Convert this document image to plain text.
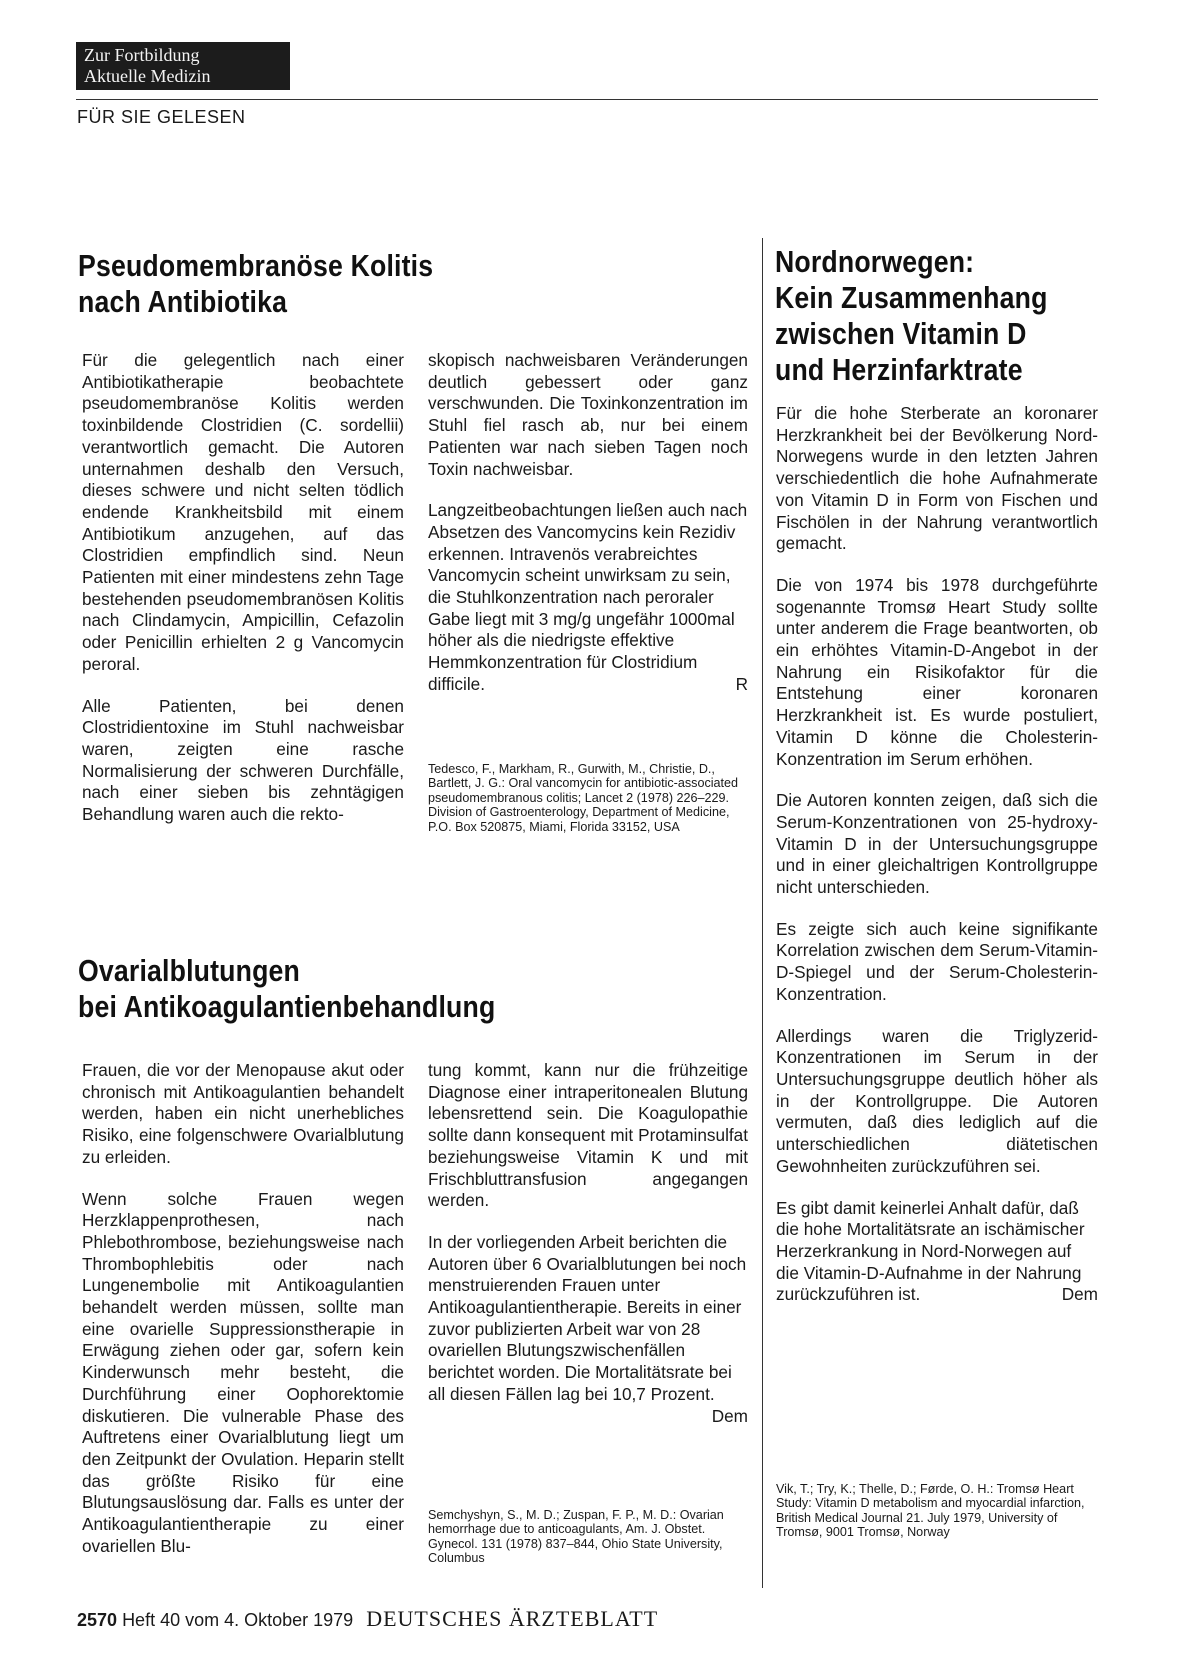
Zur Fortbildung
Aktuelle Medizin
FÜR SIE GELESEN
Pseudomembranöse Kolitis
nach Antibiotika

Für die gelegentlich nach einer Antibiotikatherapie beobachtete pseudomembranöse Kolitis werden toxinbildende Clostridien (C. sordellii) verantwortlich gemacht. Die Autoren unternahmen deshalb den Versuch, dieses schwere und nicht selten tödlich endende Krankheitsbild mit einem Antibiotikum anzugehen, auf das Clostridien empfindlich sind. Neun Patienten mit einer mindestens zehn Tage bestehenden pseudomembranösen Kolitis nach Clindamycin, Ampicillin, Cefazolin oder Penicillin erhielten 2 g Vancomycin peroral.

Alle Patienten, bei denen Clostridientoxine im Stuhl nachweisbar waren, zeigten eine rasche Normalisierung der schweren Durchfälle, nach einer sieben bis zehntägigen Behandlung waren auch die rekto-

skopisch nachweisbaren Veränderungen deutlich gebessert oder ganz verschwunden. Die Toxinkonzentration im Stuhl fiel rasch ab, nur bei einem Patienten war nach sieben Tagen noch Toxin nachweisbar.

Langzeitbeobachtungen ließen auch nach Absetzen des Vancomycins kein Rezidiv erkennen. Intravenös verabreichtes Vancomycin scheint unwirksam zu sein, die Stuhlkonzentration nach peroraler Gabe liegt mit 3 mg/g ungefähr 1000mal höher als die niedrigste effektive Hemmkonzentration für Clostridium difficile.	R

Tedesco, F., Markham, R., Gurwith, M., Christie, D., Bartlett, J. G.: Oral vancomycin for antibiotic-associated pseudomembranous colitis; Lancet 2 (1978) 226–229. Division of Gastroenterology, Department of Medicine, P.O. Box 520875, Miami, Florida 33152, USA

Ovarialblutungen
bei Antikoagulantienbehandlung

Frauen, die vor der Menopause akut oder chronisch mit Antikoagulantien behandelt werden, haben ein nicht unerhebliches Risiko, eine folgenschwere Ovarialblutung zu erleiden.

Wenn solche Frauen wegen Herzklappenprothesen, nach Phlebothrombose, beziehungsweise nach Thrombophlebitis oder nach Lungenembolie mit Antikoagulantien behandelt werden müssen, sollte man eine ovarielle Suppressionstherapie in Erwägung ziehen oder gar, sofern kein Kinderwunsch mehr besteht, die Durchführung einer Oophorektomie diskutieren. Die vulnerable Phase des Auftretens einer Ovarialblutung liegt um den Zeitpunkt der Ovulation. Heparin stellt das größte Risiko für eine Blutungsauslösung dar. Falls es unter der Antikoagulantientherapie zu einer ovariellen Blu-

tung kommt, kann nur die frühzeitige Diagnose einer intraperitonealen Blutung lebensrettend sein. Die Koagulopathie sollte dann konsequent mit Protaminsulfat beziehungsweise Vitamin K und mit Frischbluttransfusion angegangen werden.

In der vorliegenden Arbeit berichten die Autoren über 6 Ovarialblutungen bei noch menstruierenden Frauen unter Antikoagulantientherapie. Bereits in einer zuvor publizierten Arbeit war von 28 ovariellen Blutungszwischenfällen berichtet worden. Die Mortalitätsrate bei all diesen Fällen lag bei 10,7 Prozent.
Dem

Semchyshyn, S., M. D.; Zuspan, F. P., M. D.: Ovarian hemorrhage due to anticoagulants, Am. J. Obstet. Gynecol. 131 (1978) 837–844, Ohio State University, Columbus

Nordnorwegen:
Kein Zusammenhang
zwischen Vitamin D
und Herzinfarktrate

Für die hohe Sterberate an koronarer Herzkrankheit bei der Bevölkerung Nord-Norwegens wurde in den letzten Jahren verschiedentlich die hohe Aufnahmerate von Vitamin D in Form von Fischen und Fischölen in der Nahrung verantwortlich gemacht.

Die von 1974 bis 1978 durchgeführte sogenannte Tromsø Heart Study sollte unter anderem die Frage beantworten, ob ein erhöhtes Vitamin-D-Angebot in der Nahrung ein Risikofaktor für die Entstehung einer koronaren Herzkrankheit ist. Es wurde postuliert, Vitamin D könne die Cholesterin-Konzentration im Serum erhöhen.

Die Autoren konnten zeigen, daß sich die Serum-Konzentrationen von 25-hydroxy-Vitamin D in der Untersuchungsgruppe und in einer gleichaltrigen Kontrollgruppe nicht unterschieden.

Es zeigte sich auch keine signifikante Korrelation zwischen dem Serum-Vitamin-D-Spiegel und der Serum-Cholesterin-Konzentration.

Allerdings waren die Triglyzerid-Konzentrationen im Serum in der Untersuchungsgruppe deutlich höher als in der Kontrollgruppe. Die Autoren vermuten, daß dies lediglich auf die unterschiedlichen diätetischen Gewohnheiten zurückzuführen sei.

Es gibt damit keinerlei Anhalt dafür, daß die hohe Mortalitätsrate an ischämischer Herzerkrankung in Nord-Norwegen auf die Vitamin-D-Aufnahme in der Nahrung zurückzuführen ist.	Dem

Vik, T.; Try, K.; Thelle, D.; Førde, O. H.: Tromsø Heart Study: Vitamin D metabolism and myocardial infarction, British Medical Journal 21. July 1979, University of Tromsø, 9001 Tromsø, Norway

2570 Heft 40 vom 4. Oktober 1979 DEUTSCHES ÄRZTEBLATT
